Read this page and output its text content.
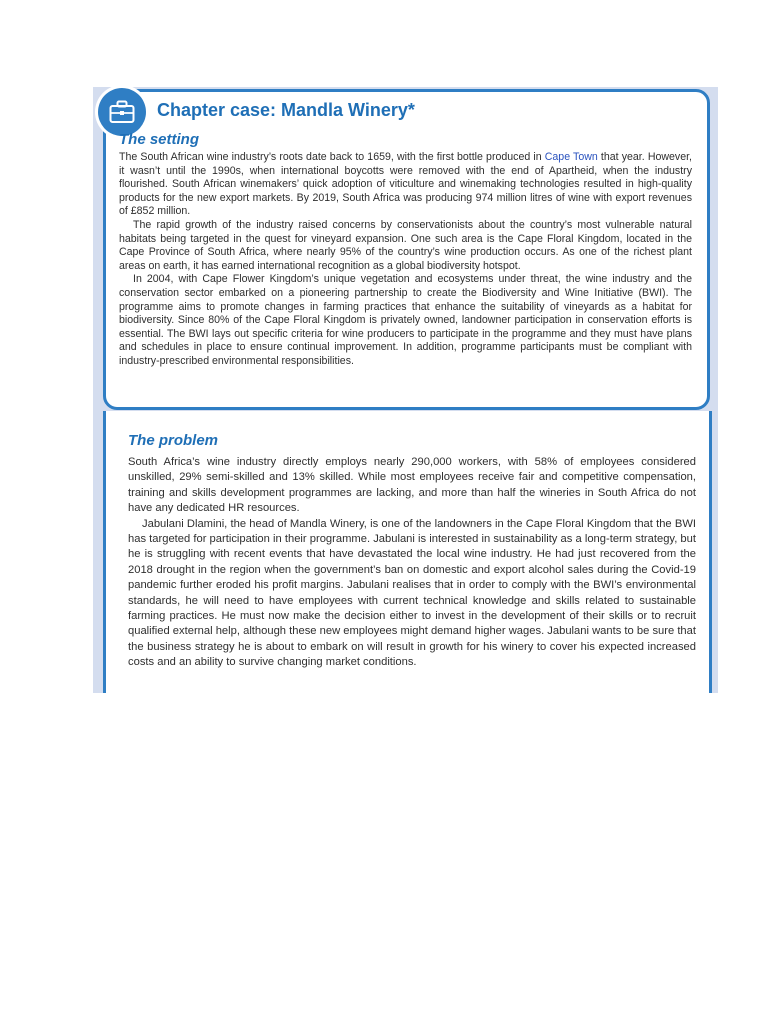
Chapter case: Mandla Winery*
The setting

The South African wine industry’s roots date back to 1659, with the first bottle produced in Cape Town that year. However, it wasn’t until the 1990s, when international boycotts were removed with the end of Apartheid, when the industry flourished. South African winemakers’ quick adoption of viticulture and winemaking technologies resulted in high-quality products for the new export markets. By 2019, South Africa was producing 974 million litres of wine with export revenues of £852 million.

The rapid growth of the industry raised concerns by conservationists about the country’s most vulnerable natural habitats being targeted in the quest for vineyard expansion. One such area is the Cape Floral Kingdom, located in the Cape Province of South Africa, where nearly 95% of the country’s wine production occurs. As one of the richest plant areas on earth, it has earned international recognition as a global biodiversity hotspot.

In 2004, with Cape Flower Kingdom’s unique vegetation and ecosystems under threat, the wine industry and the conservation sector embarked on a pioneering partnership to create the Biodiversity and Wine Initiative (BWI). The programme aims to promote changes in farming practices that enhance the suitability of vineyards as a habitat for biodiversity. Since 80% of the Cape Floral Kingdom is privately owned, landowner participation in conservation efforts is essential. The BWI lays out specific criteria for wine producers to participate in the programme and they must have plans and schedules in place to ensure continual improvement. In addition, programme participants must be compliant with industry-prescribed environmental responsibilities.

The problem

South Africa’s wine industry directly employs nearly 290,000 workers, with 58% of employees considered unskilled, 29% semi-skilled and 13% skilled. While most employees receive fair and competitive compensation, training and skills development programmes are lacking, and more than half the wineries in South Africa do not have any dedicated HR resources.

Jabulani Dlamini, the head of Mandla Winery, is one of the landowners in the Cape Floral Kingdom that the BWI has targeted for participation in their programme. Jabulani is interested in sustainability as a long-term strategy, but he is struggling with recent events that have devastated the local wine industry. He had just recovered from the 2018 drought in the region when the government’s ban on domestic and export alcohol sales during the Covid-19 pandemic further eroded his profit margins. Jabulani realises that in order to comply with the BWI’s environmental standards, he will need to have employees with current technical knowledge and skills related to sustainable farming practices. He must now make the decision either to invest in the development of their skills or to recruit qualified external help, although these new employees might demand higher wages. Jabulani wants to be sure that the business strategy he is about to embark on will result in growth for his winery to cover his expected increased costs and an ability to survive changing market conditions.
